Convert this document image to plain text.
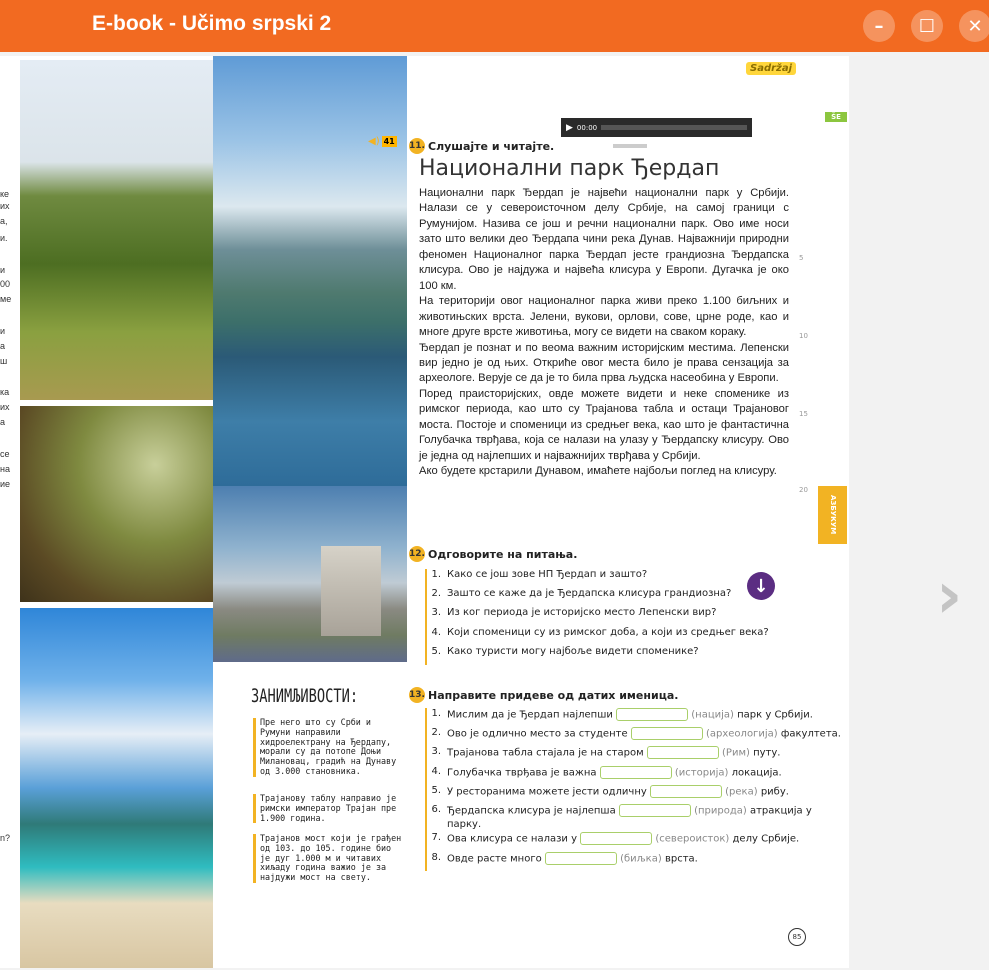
E-book - Učimo srpski 2	– ☐ ✕
ке
их
а,
и.
и
00
ме
и
а
ш
ка
их
а
се
на
ие
n?
Sadržaj
ŠE
АЗБУКУМ
◀) 41
▶ 00:00
11. Слушајте и читајте.
Национални парк Ђердап

Национални парк Ђердап је највећи национални парк у Србији. Налази се у североисточном делу Србије, на самој граници с Румунијом. Назива се још и речни национални парк. Ово име носи зато што велики део Ђердапа чини река Дунав. Најважнији природни феномен Националног парка Ђердап јесте грандиозна Ђердапска клисура. Ово је најдужа и највећа клисура у Европи. Дугачка је око 100 км.

На територији овог националног парка живи преко 1.100 биљних и животињских врста. Јелени, вукови, орлови, сове, црне роде, као и многе друге врсте животиња, могу се видети на сваком кораку.

Ђердап је познат и по веома важним историјским местима. Лепенски вир једно је од њих. Откриће овог места било је права сензација за археологе. Верује се да је то била прва људска насеобина у Европи.

Поред праисторијских, овде можете видети и неке споменике из римског периода, као што су Трајанова табла и остаци Трајановог моста. Постоје и споменици из средњег века, као што је фантастична Голубачка тврђава, која се налази на улазу у Ђердапску клисуру. Ово је једна од најлепших и најважнијих тврђава у Србији.

Ако будете крстарили Дунавом, имаћете најбољи поглед на клисуру.

5
10
15
20
12. Одговорите на питања.
1. Како се још зове НП Ђердап и зашто?
2. Зашто се каже да је Ђердапска клисура грандиозна?
3. Из ког периода је историјско место Лепенски вир?
4. Који споменици су из римског доба, а који из средњег века?
5. Како туристи могу најбоље видети споменике?
↓
13. Направите придеве од датих именица.
1. Мислим да је Ђердап најлепши	(нација) парк у Србији.
2. Ово је одлично место за студенте	(археологија) факултета.
3. Трајанова табла стајала је на старом	(Рим) путу.
4. Голубачка тврђава је важна	(историја) локација.
5. У ресторанима можете јести одличну	(река) рибу.
6. Ђердапска клисура је најлепша	(природа) атракција у парку.
7. Ова клисура се налази у	(североисток) делу Србије.
8. Овде расте много	(биљка) врста.
ЗАНИМЉИВОСТИ:
Пре него што су Срби и Румуни направили хидроелектрану на Ђердапу, морали су да потопе Доњи Милановац, градић на Дунаву од 3.000 становника.
Трајанову таблу направио је римски император Трајан пре 1.900 година.
Трајанов мост који је грађен од 103. до 105. године био је дуг 1.000 м и читавих хиљаду година важио је за најдужи мост на свету.
85
›
